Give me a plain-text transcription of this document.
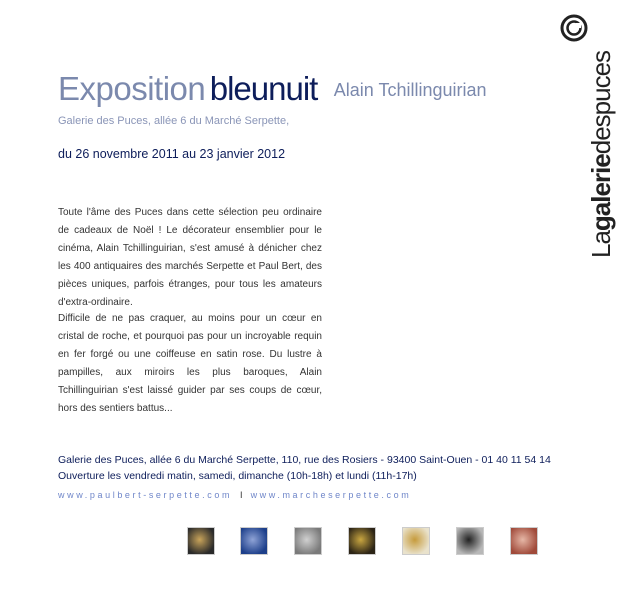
Exposition bleunuit Alain Tchillinguirian
Galerie des Puces, allée 6 du Marché Serpette,
du 26 novembre 2011 au 23 janvier 2012

Toute l'âme des Puces dans cette sélection peu ordinaire de cadeaux de Noël ! Le décorateur ensemblier pour le cinéma, Alain Tchillinguirian, s'est amusé à dénicher chez les 400 antiquaires des marchés Serpette et Paul Bert, des pièces uniques, parfois étranges, pour tous les amateurs d'extra-ordinaire.

Difficile de ne pas craquer, au moins pour un cœur en cristal de roche, et pourquoi pas pour un incroyable requin en fer forgé ou une coiffeuse en satin rose. Du lustre à pampilles, aux miroirs les plus baroques, Alain Tchillinguirian s'est laissé guider par ses coups de cœur, hors des sentiers battus...

Galerie des Puces, allée 6 du Marché Serpette, 110, rue des Rosiers - 93400 Saint-Ouen - 01 40 11 54 14
Ouverture les vendredi matin, samedi, dimanche (10h-18h) et lundi (11h-17h)
www.paulbert-serpette.com I www.marcheserpette.com
Lagaleriedespuces
